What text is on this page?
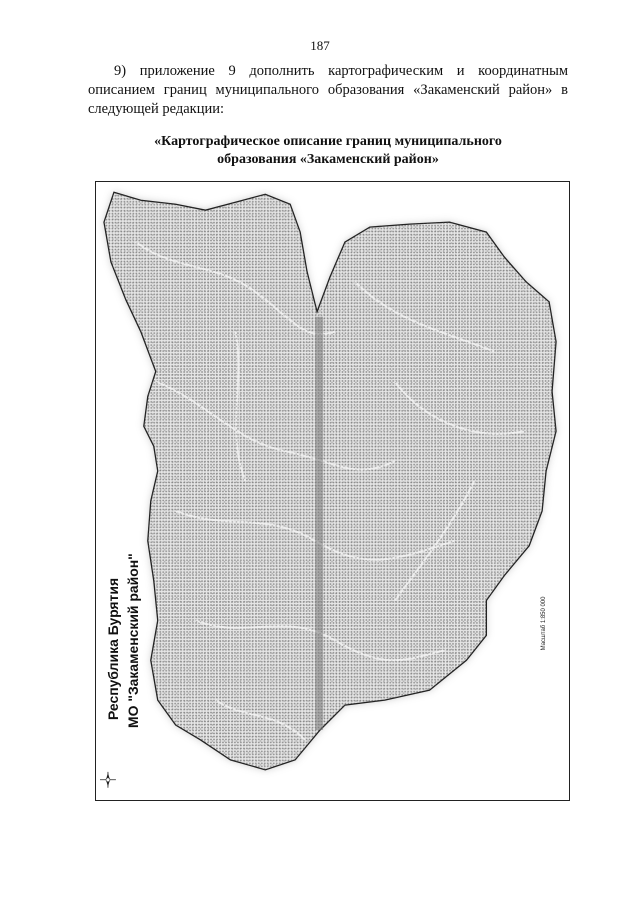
187
9) приложение 9 дополнить картографическим и координатным описанием границ муниципального образования «Закаменский район» в следующей редакции:
«Картографическое описание границ муниципального
образования «Закаменский район»
Республика Бурятия МО "Закаменский район"	Масштаб 1:850 000
